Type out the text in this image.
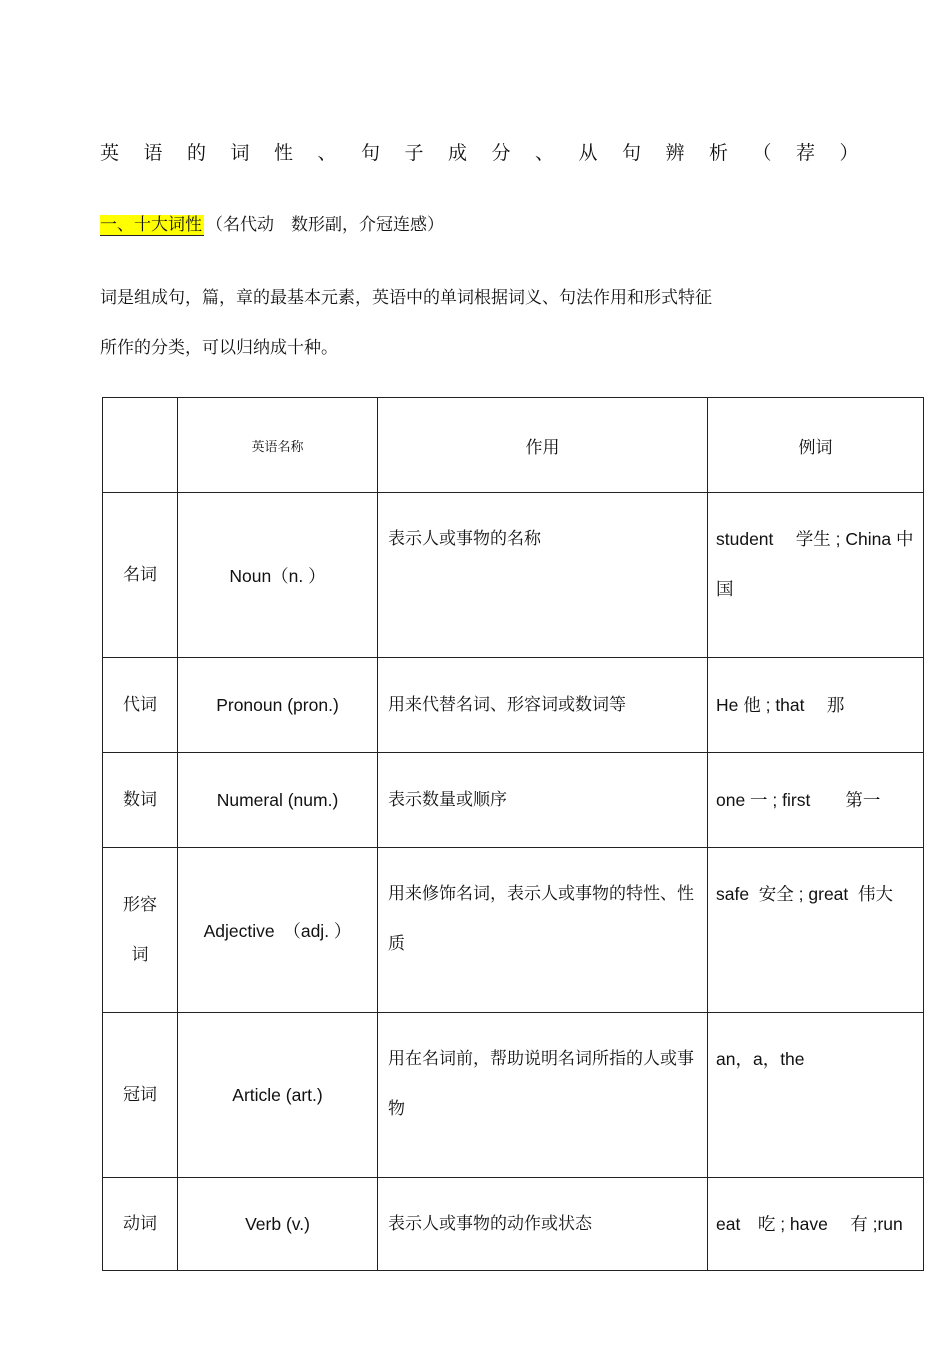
英语的词性、句子成分、从句辨析（荐）
一、十大词性 （名代动　数形副，介冠连感）
词是组成句，篇，章的最基本元素，英语中的单词根据词义、句法作用和形式特征
所作的分类，可以归纳成十种。
	英语名称	作用	例词
名词	Noun（n. ）	表示人或事物的名称	student　 学生 ; China 中国
代词	Pronoun (pron.)	用来代替名词、形容词或数词等	He 他 ; that　 那
数词	Numeral (num.)	表示数量或顺序	one 一 ; first　　第一
形容词	Adjective　（adj. ）	用来修饰名词，表示人或事物的特性、性质	safe  安全 ; great  伟大
冠词	Article (art.)	用在名词前，帮助说明名词所指的人或事物	an，a，the
动词	Verb (v.)	表示人或事物的动作或状态	eat　吃 ; have　 有 ;run
